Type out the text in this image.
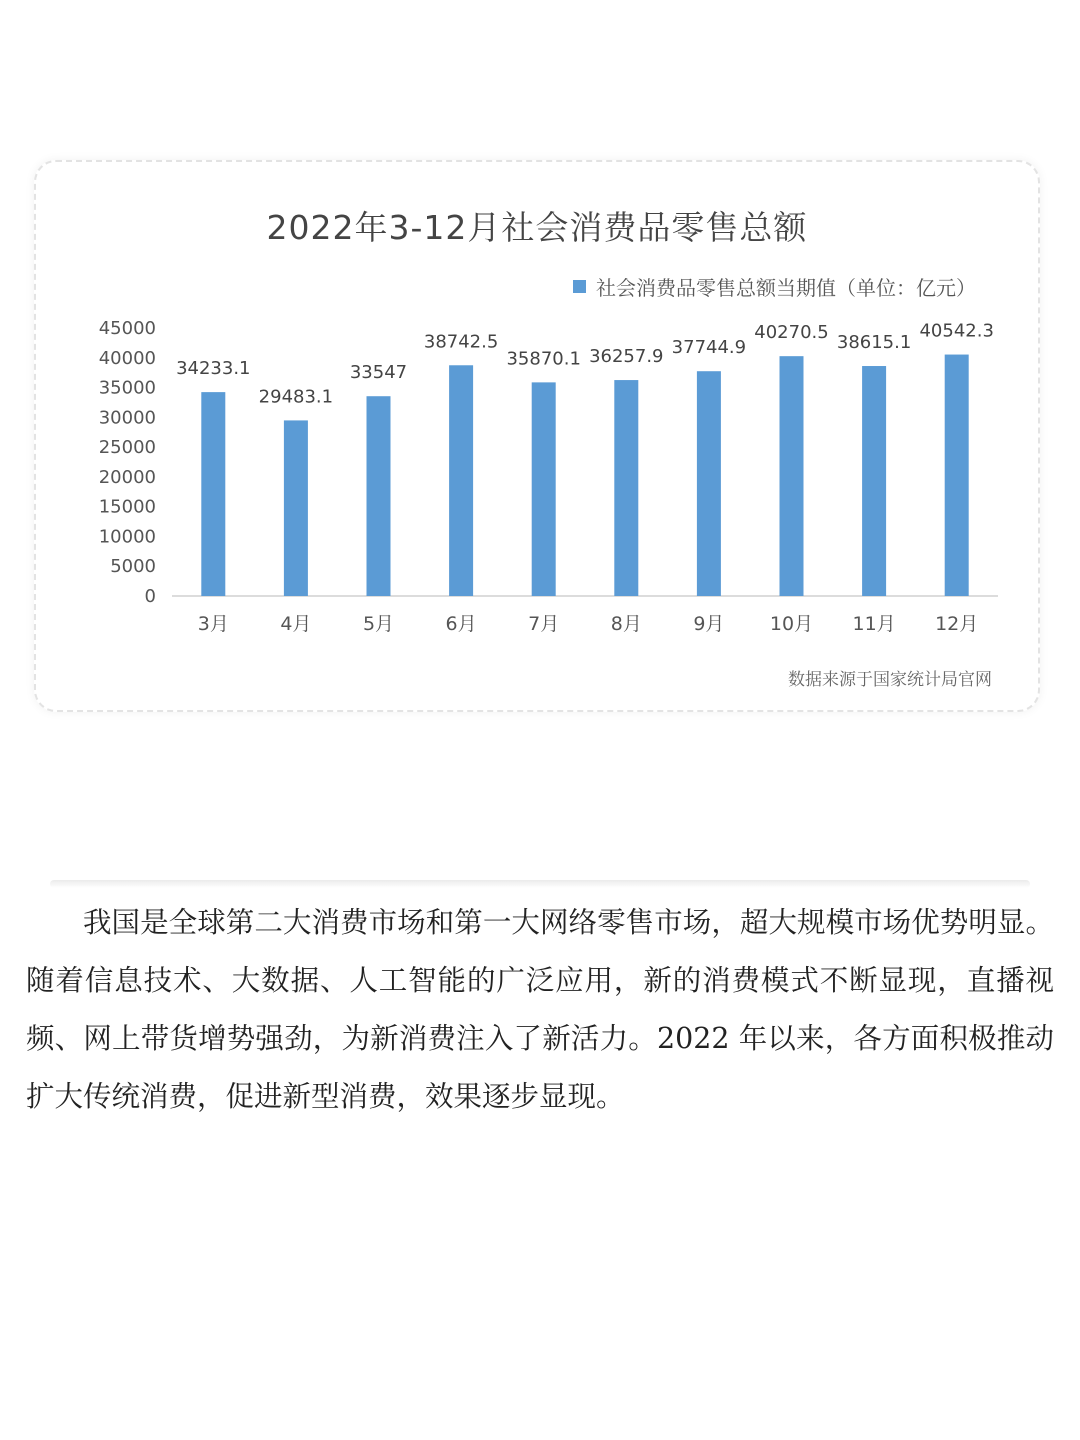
2022年3-12月社会消费品零售总额
社会消费品零售总额当期值（单位：亿元）
0
5000
10000
15000
20000
25000
30000
35000
40000
45000
34233.1
3月
29483.1
4月
33547
5月
38742.5
6月
35870.1
7月
36257.9
8月
37744.9
9月
40270.5
10月
38615.1
11月
40542.3
12月
数据来源于国家统计局官网

我国是全球第二大消费市场和第一大网络零售市场，超大规模市场优势明显。随着信息技术、大数据、人工智能的广泛应用，新的消费模式不断显现，直播视频、网上带货增势强劲，为新消费注入了新活力。2022 年以来，各方面积极推动扩大传统消费，促进新型消费，效果逐步显现。
